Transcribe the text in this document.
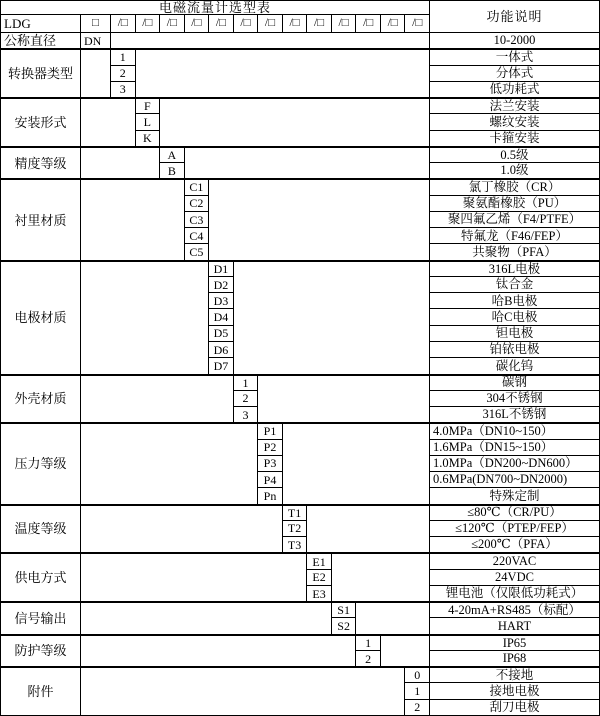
电磁流量计选型表
功能说明
LDG	□	/□	/□	/□	/□	/□	/□	/□	/□	/□	/□	/□	/□	/□
公称直径	DN	10-2000
转换器类型
1	一体式
2	分体式
3	低功耗式
安装形式
F	法兰安装
L	螺纹安装
K	卡箍安装
精度等级
A	0.5级
B	1.0级
衬里材质
C1	氯丁橡胶（CR）
C2	聚氨酯橡胶（PU）
C3	聚四氟乙烯（F4/PTFE）
C4	特氟龙（F46/FEP）
C5	共聚物（PFA）
电极材质
D1	316L电极
D2	钛合金
D3	哈B电极
D4	哈C电极
D5	钽电极
D6	铂铱电极
D7	碳化钨
外壳材质
1	碳钢
2	304不锈钢
3	316L不锈钢
压力等级
P1	4.0MPa（DN10~150）
P2	1.6MPa（DN15~150）
P3	1.0MPa（DN200~DN600）
P4	0.6MPa(DN700~DN2000)
Pn	特殊定制
温度等级
T1	≤80℃（CR/PU）
T2	≤120℃（PTEP/FEP）
T3	≤200℃（PFA）
供电方式
E1	220VAC
E2	24VDC
E3	锂电池（仅限低功耗式）
信号输出
S1	4-20mA+RS485（标配）
S2	HART
防护等级
1	IP65
2	IP68
附件
0	不接地
1	接地电极
2	刮刀电极
